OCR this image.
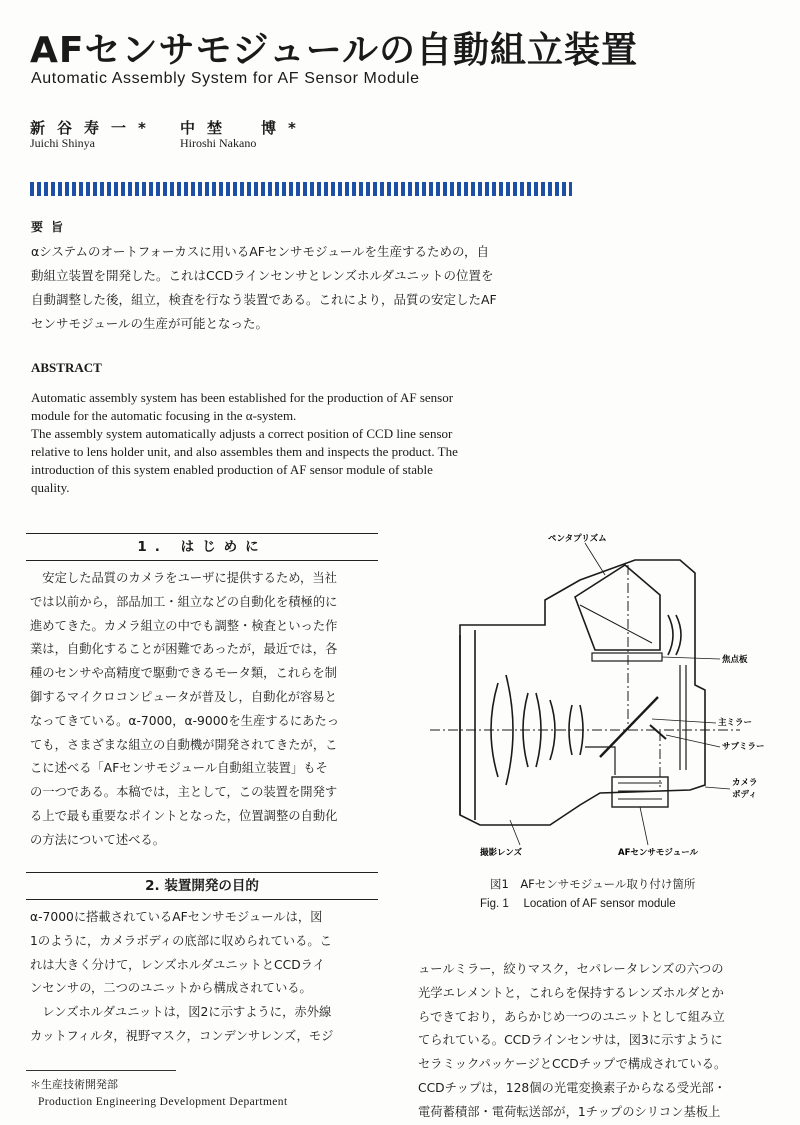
AFセンサモジュールの自動組立装置
Automatic Assembly System for AF Sensor Module
新谷寿一*
Juichi Shinya
中埜　博*
Hiroshi Nakano
要旨
αシステムのオートフォーカスに用いるAFセンサモジュールを生産するための，自
動組立装置を開発した。これはCCDラインセンサとレンズホルダユニットの位置を
自動調整した後，組立，検査を行なう装置である。これにより，品質の安定したAF
センサモジュールの生産が可能となった。
ABSTRACT
Automatic assembly system has been established for the production of AF sensor
module for the automatic focusing in the α-system.
The assembly system automatically adjusts a correct position of CCD line sensor
relative to lens holder unit, and also assembles them and inspects the product. The
introduction of this system enabled production of AF sensor module of stable
quality.
1. はじめに
　安定した品質のカメラをユーザに提供するため，当社
では以前から，部品加工・組立などの自動化を積極的に
進めてきた。カメラ組立の中でも調整・検査といった作
業は，自動化することが困難であったが，最近では，各
種のセンサや高精度で駆動できるモータ類，これらを制
御するマイクロコンピュータが普及し，自動化が容易と
なってきている。α-7000，α-9000を生産するにあたっ
ても，さまざまな組立の自動機が開発されてきたが，こ
こに述べる「AFセンサモジュール自動組立装置」もそ
の一つである。本稿では，主として，この装置を開発す
る上で最も重要なポイントとなった，位置調整の自動化
の方法について述べる。
2. 装置開発の目的
α-7000に搭載されているAFセンサモジュールは，図
1のように，カメラボディの底部に収められている。こ
れは大きく分けて，レンズホルダユニットとCCDライ
ンセンサの，二つのユニットから構成されている。
　レンズホルダユニットは，図2に示すように，赤外線
カットフィルタ，視野マスク，コンデンサレンズ，モジ
＊生産技術開発部
Production Engineering Development Department
ペンタプリズム
焦点板
主ミラー
サブミラー
カメラ
ボディ
撮影レンズ	AFセンサモジュール
図1　AFセンサモジュール取り付け箇所
Fig. 1　 Location of AF sensor module
ュールミラー，絞りマスク，セパレータレンズの六つの
光学エレメントと，これらを保持するレンズホルダとか
らできており，あらかじめ一つのユニットとして組み立
てられている。CCDラインセンサは，図3に示すように
セラミックパッケージとCCDチップで構成されている。
CCDチップは，128個の光電変換素子からなる受光部・
電荷蓄積部・電荷転送部が，1チップのシリコン基板上
